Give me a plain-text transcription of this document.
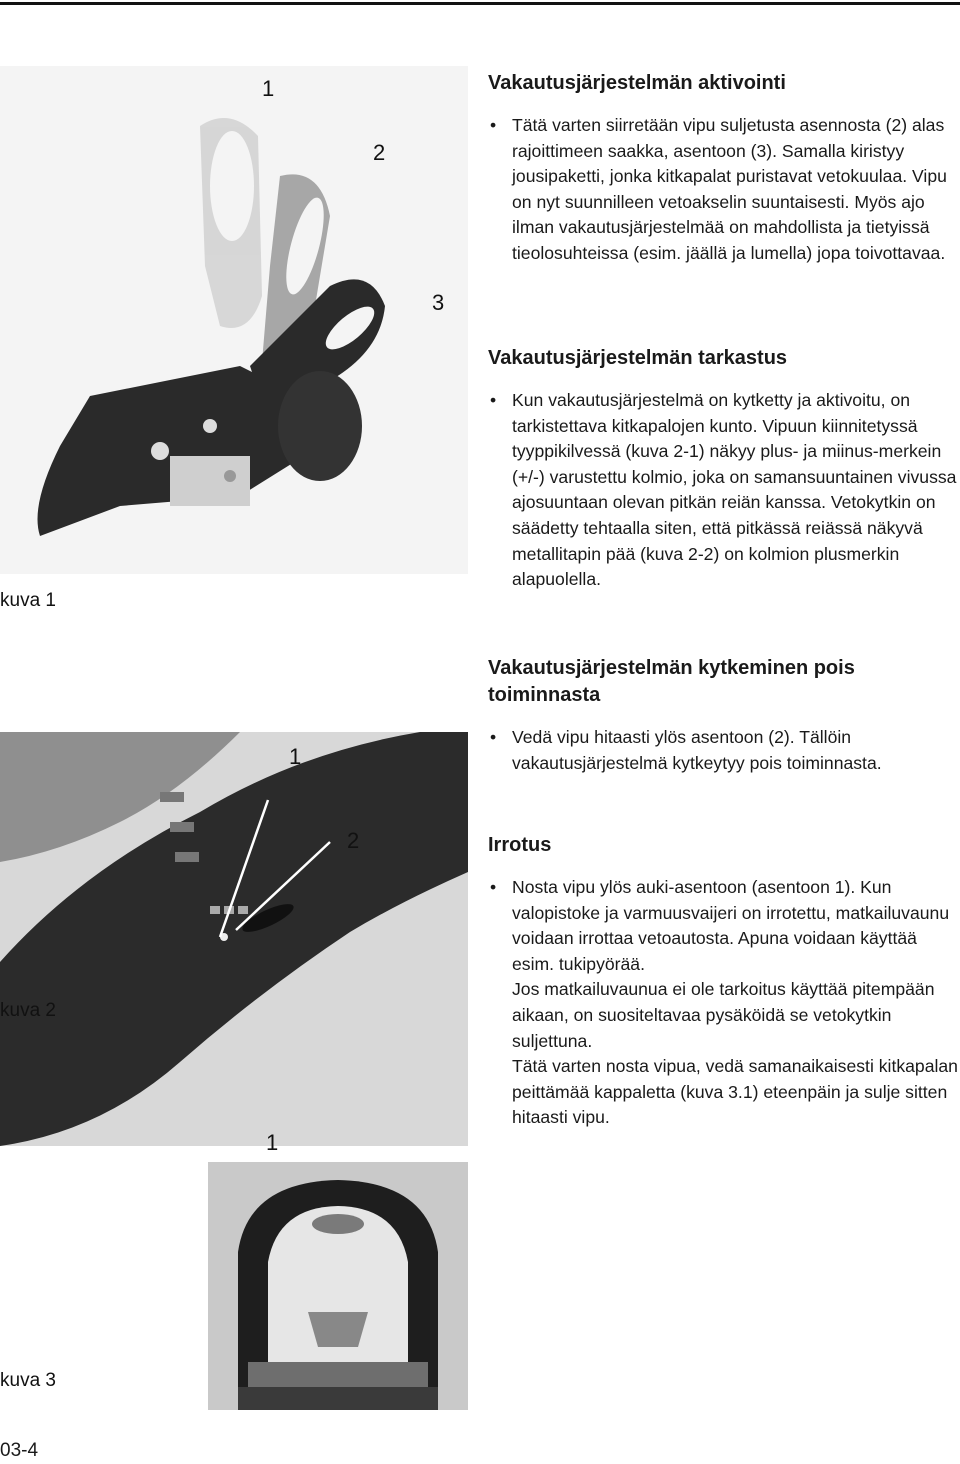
1
2
3
kuva 1
1
2
kuva 2
1
kuva 3
Vakautusjärjestelmän aktivointi
• Tätä varten siirretään vipu suljetusta asennosta (2) alas rajoittimeen saakka, asentoon (3). Samalla kiristyy jousipaketti, jonka kitkapalat puristavat vetokuulaa. Vipu on nyt suunnilleen vetoakselin suuntaisesti. Myös ajo ilman vakautusjärjestelmää on mahdollista ja tietyissä tieolosuhteissa (esim. jäällä ja lumella) jopa toivottavaa.

Vakautusjärjestelmän tarkastus
• Kun vakautusjärjestelmä on kytketty ja aktivoitu, on tarkistettava kitkapalojen kunto. Vipuun kiinnitetyssä tyyppikilvessä (kuva 2-1) näkyy plus- ja miinus-merkein (+/-) varustettu kolmio, joka on samansuuntainen vivussa ajosuuntaan olevan pitkän reiän kanssa. Vetokytkin on säädetty tehtaalla siten, että pitkässä reiässä näkyvä metallitapin pää (kuva 2-2) on kolmion plusmerkin alapuolella.

Vakautusjärjestelmän kytkeminen pois toiminnasta
• Vedä vipu hitaasti ylös asentoon (2). Tällöin vakautusjärjestelmä kytkeytyy pois toiminnasta.

Irrotus
• Nosta vipu ylös auki-asentoon (asentoon 1). Kun valopistoke ja varmuusvaijeri on irrotettu, matkailuvaunu voidaan irrottaa vetoautosta. Apuna voidaan käyttää esim. tukipyörää.

Jos matkailuvaunua ei ole tarkoitus käyttää pitempään aikaan, on suositeltavaa pysäköidä se vetokytkin suljettuna.

Tätä varten nosta vipua, vedä samanaikaisesti kitkapalan peittämää kappaletta (kuva 3.1) eteenpäin ja sulje sitten hitaasti vipu.

03-4
